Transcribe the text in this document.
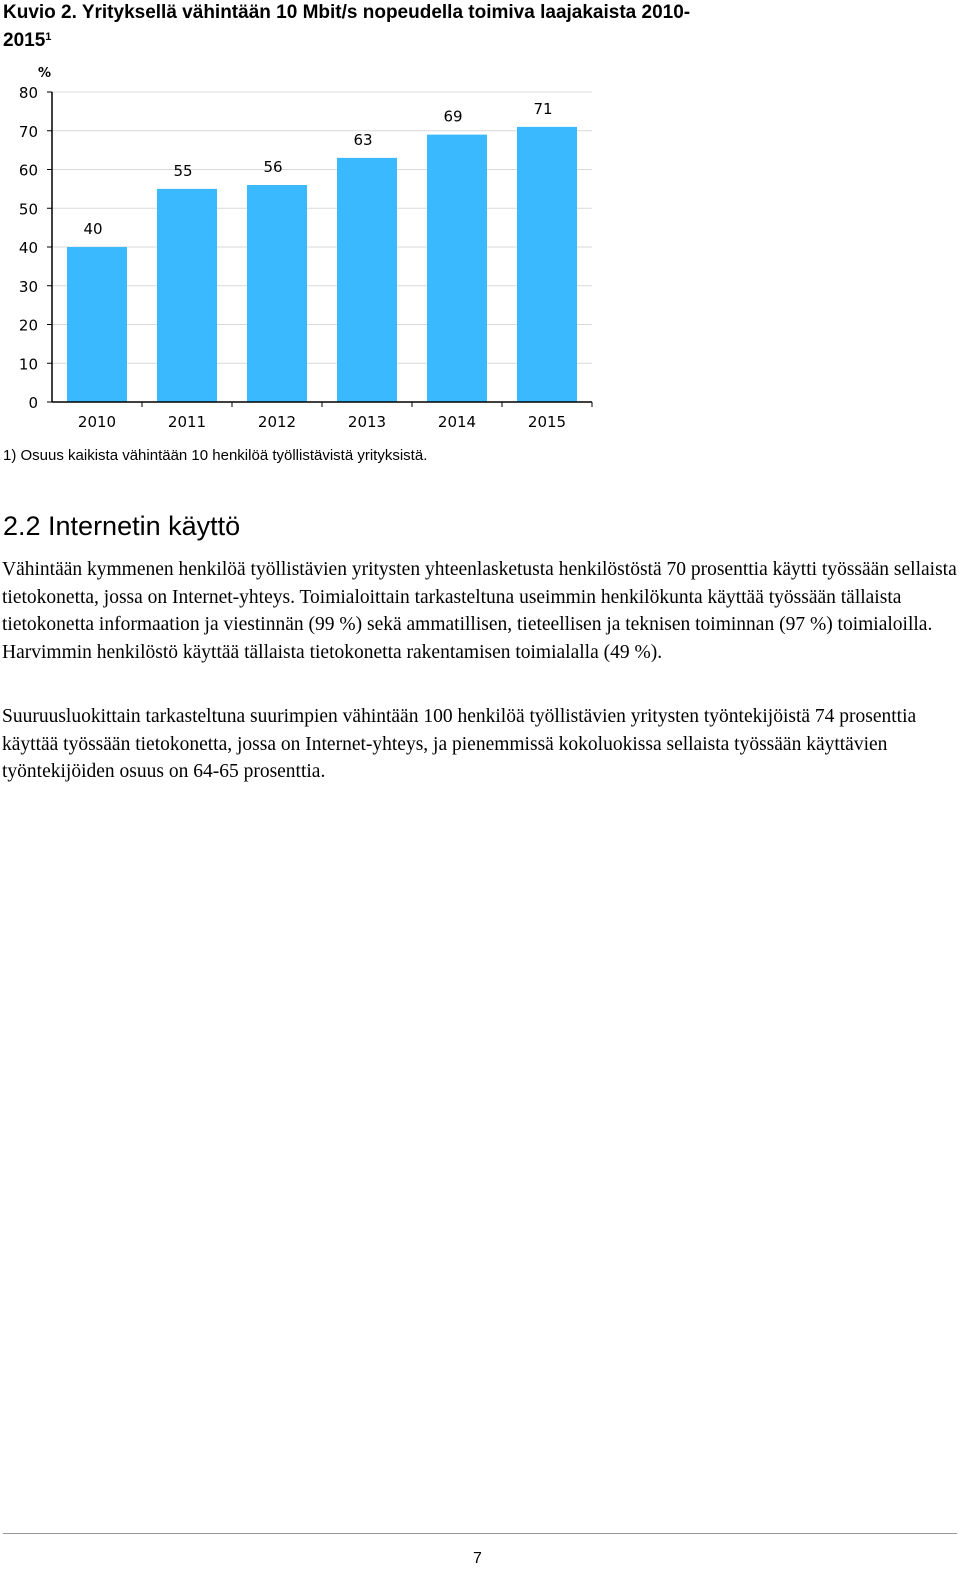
Kuvio 2. Yrityksellä vähintään 10 Mbit/s nopeudella toimiva laajakaista 2010-2015$^1$
0
10
20
30
40
50
60
70
80
%
40
2010
55
2011
56
2012
63
2013
69
2014
71
2015
1) Osuus kaikista vähintään 10 henkilöä työllistävistä yrityksistä.
2.2 Internetin käyttö

Vähintään kymmenen henkilöä työllistävien yritysten yhteenlasketusta henkilöstöstä 70 prosenttia käytti työssään sellaista tietokonetta, jossa on Internet-yhteys. Toimialoittain tarkasteltuna useimmin henkilökunta käyttää työssään tällaista tietokonetta informaation ja viestinnän (99 %) sekä ammatillisen, tieteellisen ja teknisen toiminnan (97 %) toimialoilla. Harvimmin henkilöstö käyttää tällaista tietokonetta rakentamisen toimialalla (49 %).

Suuruusluokittain tarkasteltuna suurimpien vähintään 100 henkilöä työllistävien yritysten työntekijöistä 74 prosenttia käyttää työssään tietokonetta, jossa on Internet-yhteys, ja pienemmissä kokoluokissa sellaista työssään käyttävien työntekijöiden osuus on 64-65 prosenttia.

7
